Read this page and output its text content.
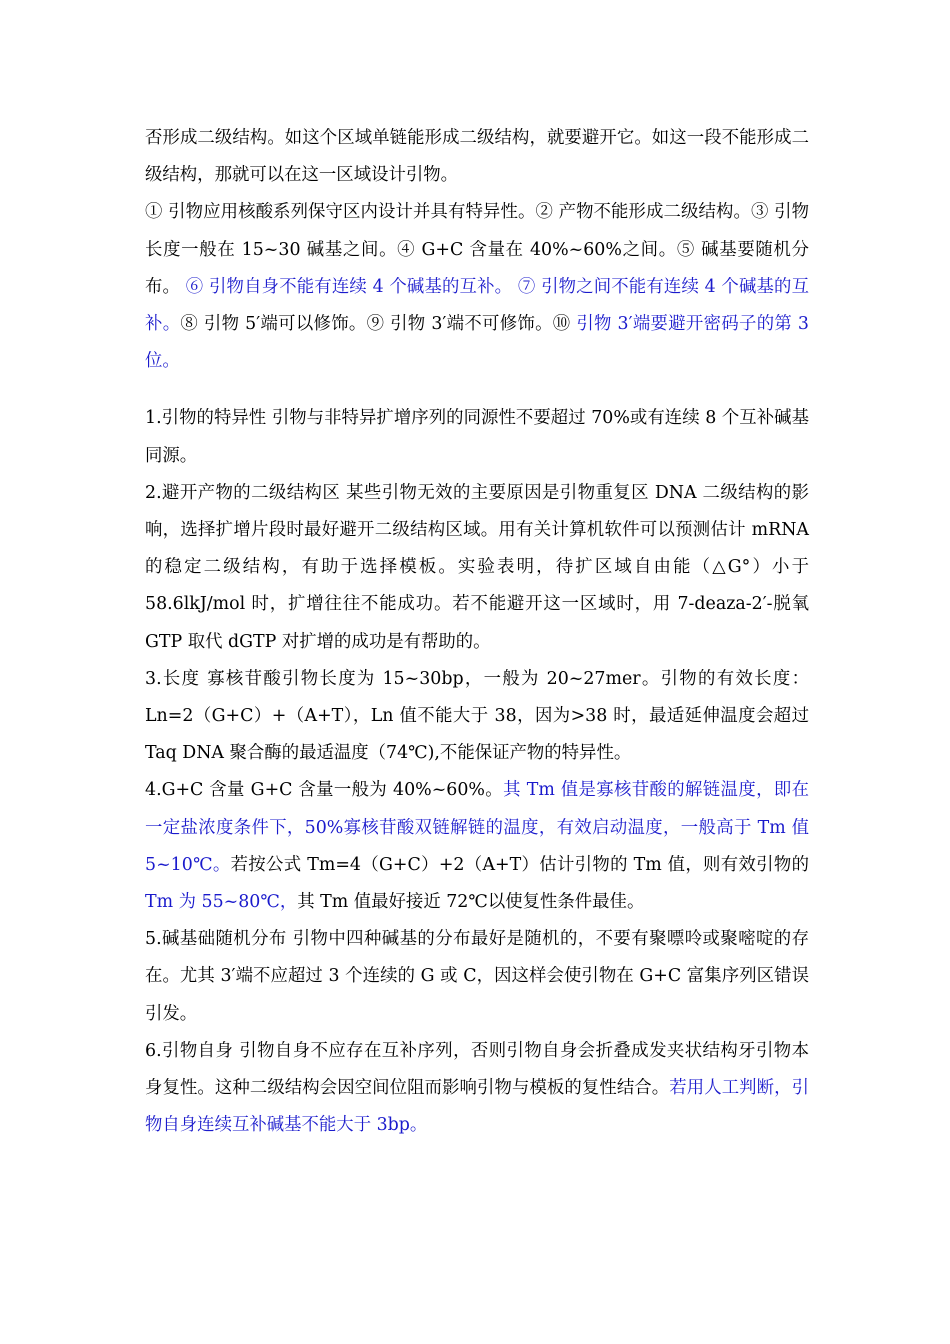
否形成二级结构。如这个区域单链能形成二级结构，就要避开它。如这一段不能形成二级结构，那就可以在这一区域设计引物。

① 引物应用核酸系列保守区内设计并具有特异性。② 产物不能形成二级结构。③ 引物长度一般在 15~30 碱基之间。④ G+C 含量在 40%~60%之间。⑤ 碱基要随机分布。 ⑥ 引物自身不能有连续 4 个碱基的互补。 ⑦ 引物之间不能有连续 4 个碱基的互补。⑧ 引物 5′端可以修饰。⑨ 引物 3′端不可修饰。⑩ 引物 3′端要避开密码子的第 3 位。

1.引物的特异性 引物与非特异扩增序列的同源性不要超过 70%或有连续 8 个互补碱基同源。

2.避开产物的二级结构区 某些引物无效的主要原因是引物重复区 DNA 二级结构的影响，选择扩增片段时最好避开二级结构区域。用有关计算机软件可以预测估计 mRNA 的稳定二级结构，有助于选择模板。实验表明，待扩区域自由能（△G°）小于 58.6lkJ/mol 时，扩增往往不能成功。若不能避开这一区域时，用 7-deaza-2′-脱氧 GTP 取代 dGTP 对扩增的成功是有帮助的。

3.长度 寡核苷酸引物长度为 15~30bp，一般为 20~27mer。引物的有效长度：Ln=2（G+C）+（A+T），Ln 值不能大于 38，因为>38 时，最适延伸温度会超过 Taq DNA 聚合酶的最适温度（74℃),不能保证产物的特异性。

4.G+C 含量 G+C 含量一般为 40%~60%。其 Tm 值是寡核苷酸的解链温度，即在一定盐浓度条件下，50%寡核苷酸双链解链的温度，有效启动温度，一般高于 Tm 值 5~10℃。若按公式 Tm=4（G+C）+2（A+T）估计引物的 Tm 值，则有效引物的 Tm 为 55~80℃，其 Tm 值最好接近 72℃以使复性条件最佳。

5.碱基础随机分布 引物中四种碱基的分布最好是随机的，不要有聚嘌呤或聚嘧啶的存在。尤其 3′端不应超过 3 个连续的 G 或 C，因这样会使引物在 G+C 富集序列区错误引发。

6.引物自身 引物自身不应存在互补序列，否则引物自身会折叠成发夹状结构牙引物本身复性。这种二级结构会因空间位阻而影响引物与模板的复性结合。若用人工判断，引物自身连续互补碱基不能大于 3bp。
